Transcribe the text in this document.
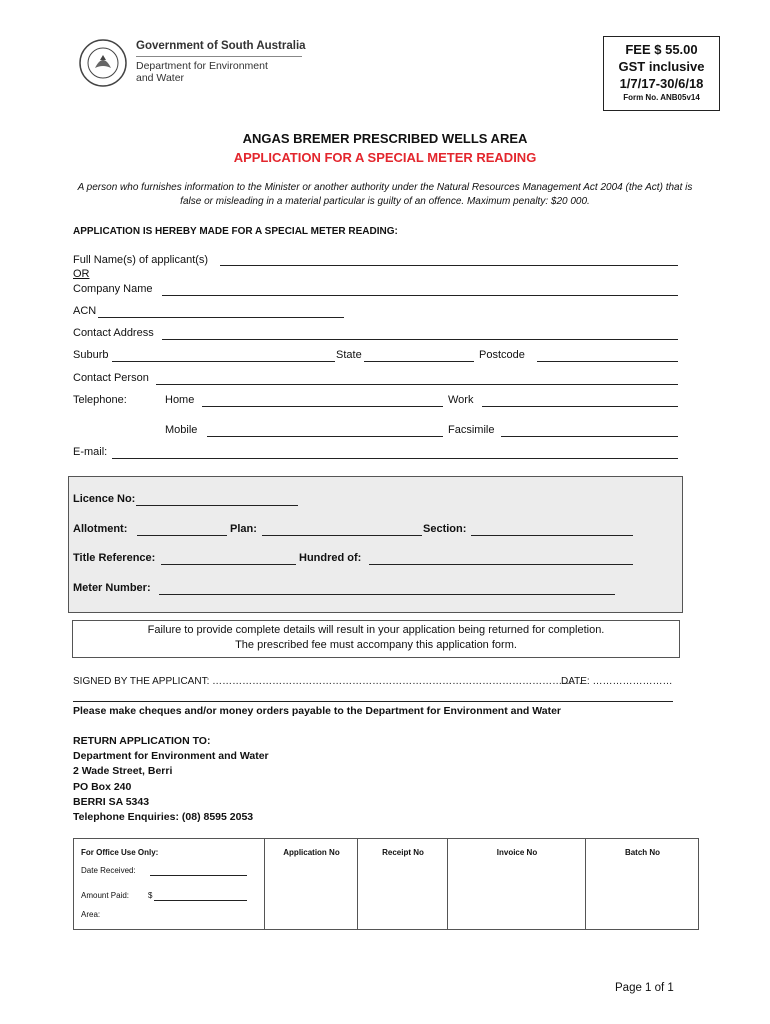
Government of South Australia
Department for Environment
and Water
FEE $ 55.00
GST inclusive
1/7/17-30/6/18
Form No. ANB05v14
ANGAS BREMER PRESCRIBED WELLS AREA
APPLICATION FOR A SPECIAL METER READING
A person who furnishes information to the Minister or another authority under the Natural Resources Management Act 2004 (the Act) that is false or misleading in a material particular is guilty of an offence. Maximum penalty: $20 000.
APPLICATION IS HEREBY MADE FOR A SPECIAL METER READING:
Full Name(s) of applicant(s)
OR
Company Name
ACN
Contact Address
Suburb	State	Postcode
Contact Person
Telephone:	Home	Work
Mobile	Facsimile
E-mail:
Licence No:
Allotment:	Plan:	Section:
Title Reference:	Hundred of:
Meter Number:
Failure to provide complete details will result in your application being returned for completion.
The prescribed fee must accompany this application form.
SIGNED BY THE APPLICANT: …………………………………………………………………………………………………
DATE: ……………………
Please make cheques and/or money orders payable to the Department for Environment and Water
RETURN APPLICATION TO:
Department for Environment and Water
2 Wade Street, Berri
PO Box 240
BERRI SA 5343
Telephone Enquiries: (08) 8595 2053
For Office Use Only:
Date Received:
Amount Paid: $
Area:
Application No	Receipt No	Invoice No	Batch No
Page 1 of 1
